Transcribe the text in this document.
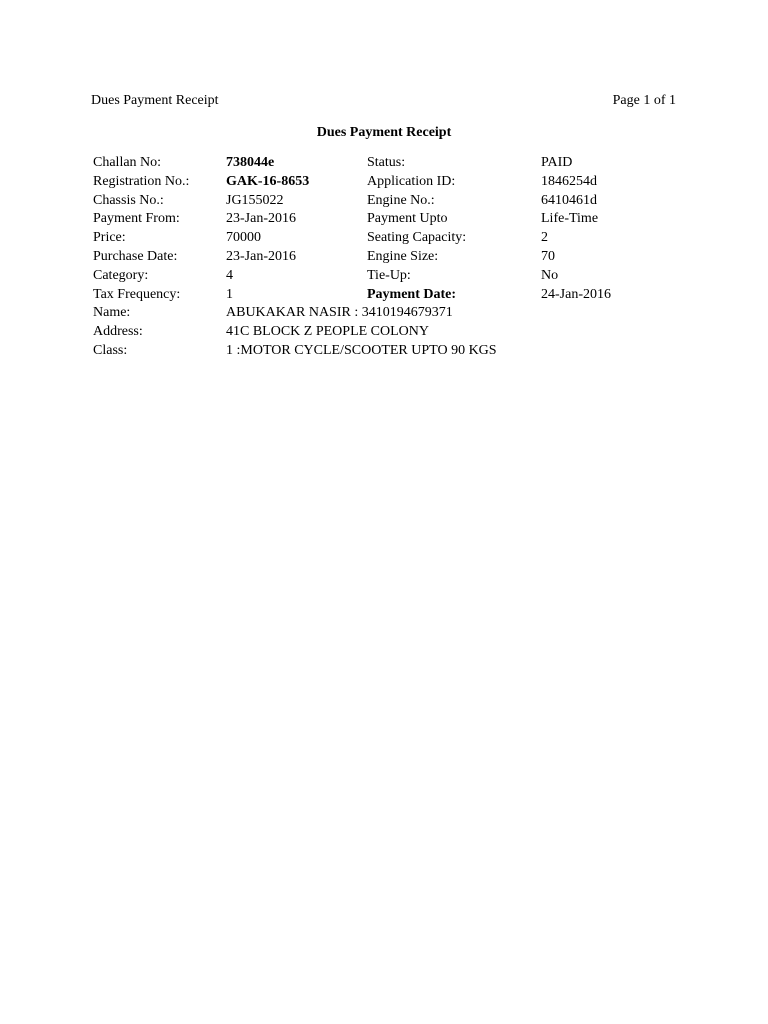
Dues Payment Receipt	Page 1 of 1
Dues Payment Receipt
Challan No:	738044e	Status:	PAID
Registration No.:	GAK-16-8653	Application ID:	1846254d
Chassis No.:	JG155022	Engine No.:	6410461d
Payment From:	23-Jan-2016	Payment Upto	Life-Time
Price:	70000	Seating Capacity:	2
Purchase Date:	23-Jan-2016	Engine Size:	70
Category:	4	Tie-Up:	No
Tax Frequency:	1	Payment Date:	24-Jan-2016
Name:	ABUKAKAR NASIR : 3410194679371
Address:	41C BLOCK Z PEOPLE COLONY
Class:	1 :MOTOR CYCLE/SCOOTER UPTO 90 KGS
